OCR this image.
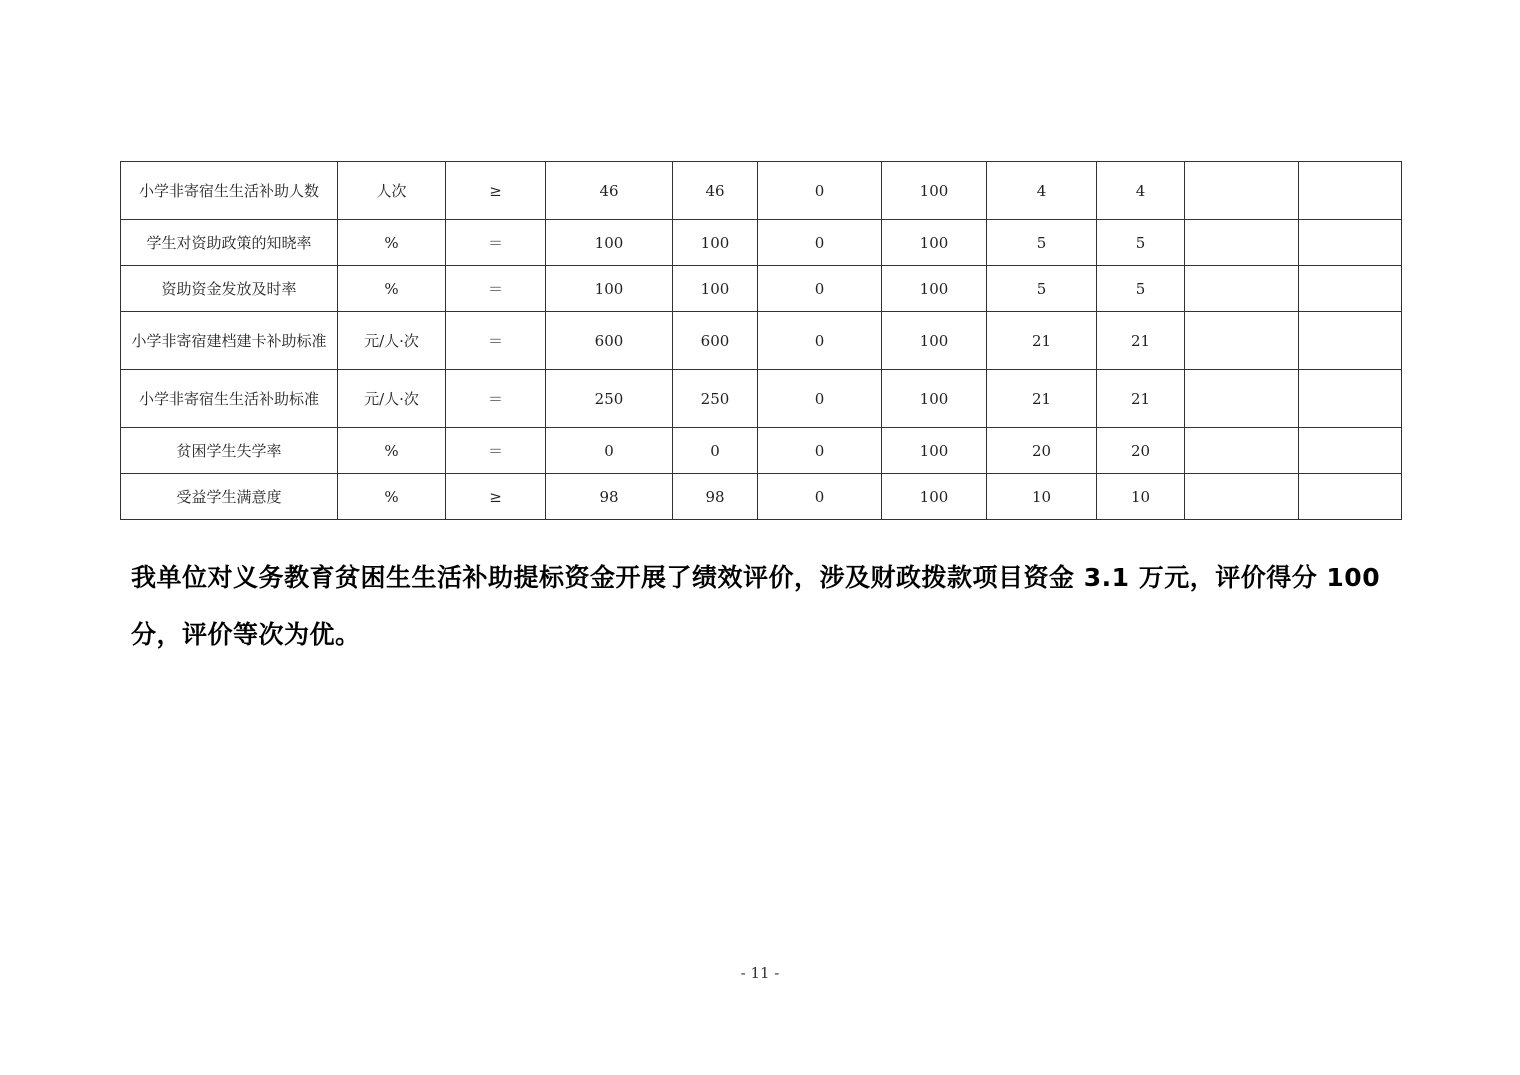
小学非寄宿生生活补助人数	人次	≥	46	46	0	100	4	4		
学生对资助政策的知晓率	%	＝	100	100	0	100	5	5		
资助资金发放及时率	%	＝	100	100	0	100	5	5		
小学非寄宿建档建卡补助标准	元/人·次	＝	600	600	0	100	21	21		
小学非寄宿生生活补助标准	元/人·次	＝	250	250	0	100	21	21		
贫困学生失学率	%	＝	0	0	0	100	20	20		
受益学生满意度	%	≥	98	98	0	100	10	10		

我单位对义务教育贫困生生活补助提标资金开展了绩效评价，涉及财政拨款项目资金 3.1 万元，评价得分 100 分，评价等次为优。

- 11 -
